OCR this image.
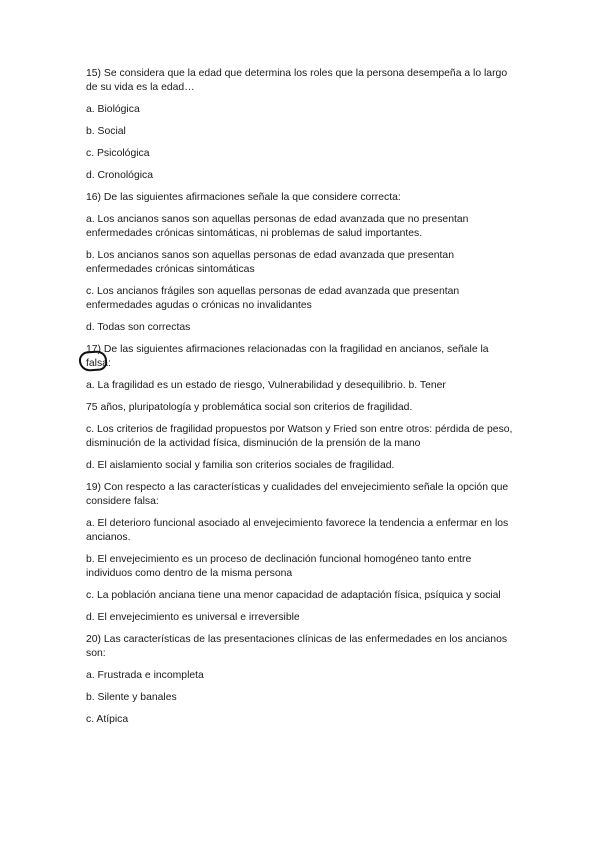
15) Se considera que la edad que determina los roles que la persona desempeña a lo largo de su vida es la edad…

a. Biológica

b. Social

c. Psicológica

d. Cronológica

16) De las siguientes afirmaciones señale la que considere correcta:

a. Los ancianos sanos son aquellas personas de edad avanzada que no presentan enfermedades crónicas sintomáticas, ni problemas de salud importantes.

b. Los ancianos sanos son aquellas personas de edad avanzada que presentan enfermedades crónicas sintomáticas

c. Los ancianos frágiles son aquellas personas de edad avanzada que presentan enfermedades agudas o crónicas no invalidantes

d. Todas son correctas

17) De las siguientes afirmaciones relacionadas con la fragilidad en ancianos, señale la falsa:

a. La fragilidad es un estado de riesgo, Vulnerabilidad y desequilibrio. b. Tener

75 años, pluripatología y problemática social son criterios de fragilidad.

c. Los criterios de fragilidad propuestos por Watson y Fried son entre otros: pérdida de peso, disminución de la actividad física, disminución de la prensión de la mano

d. El aislamiento social y familia son criterios sociales de fragilidad.

19) Con respecto a las características y cualidades del envejecimiento señale la opción que considere falsa:

a. El deterioro funcional asociado al envejecimiento favorece la tendencia a enfermar en los ancianos.

b. El envejecimiento es un proceso de declinación funcional homogéneo tanto entre individuos como dentro de la misma persona

c. La población anciana tiene una menor capacidad de adaptación física, psíquica y social

d. El envejecimiento es universal e irreversible

20) Las características de las presentaciones clínicas de las enfermedades en los ancianos son:

a. Frustrada e incompleta

b. Silente y banales

c. Atípica
